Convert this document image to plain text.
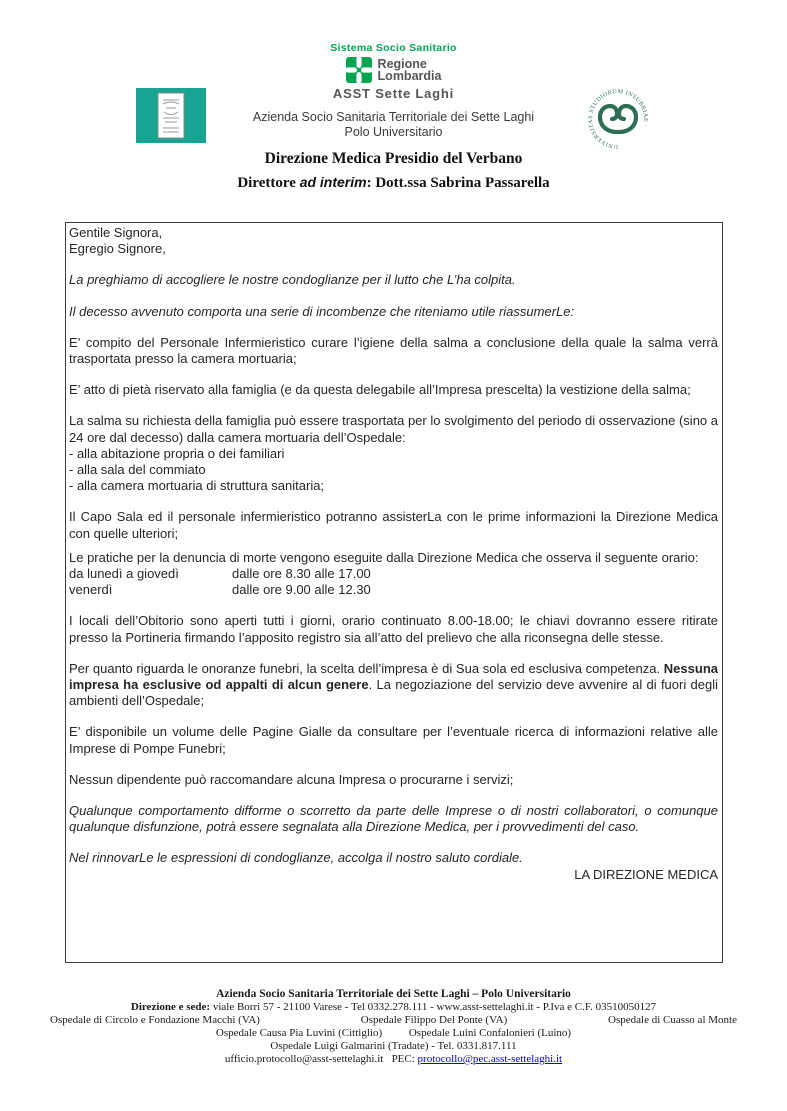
UNIVERSITAS STUDIORUM INSUBRIAE ·
Sistema Socio Sanitario
Regione
Lombardia
ASST Sette Laghi
Azienda Socio Sanitaria Territoriale dei Sette Laghi
Polo Universitario
Direzione Medica Presidio del Verbano
Direttore ad interim: Dott.ssa Sabrina Passarella

Gentile Signora,
Egregio Signore,

La preghiamo di accogliere le nostre condoglianze per il lutto che L’ha colpita.

Il decesso avvenuto comporta una serie di incombenze che riteniamo utile riassumerLe:

E’ compito del Personale Infermieristico curare l’igiene della salma a conclusione della quale la salma verrà trasportata presso la camera mortuaria;

E’ atto di pietà riservato alla famiglia (e da questa delegabile all’Impresa prescelta) la vestizione della salma;

La salma su richiesta della famiglia può essere trasportata per lo svolgimento del periodo di osservazione (sino a 24 ore dal decesso) dalla camera mortuaria dell’Ospedale:

- alla abitazione propria o dei familiari
- alla sala del commiato
- alla camera mortuaria di struttura sanitaria;

Il Capo Sala ed il personale infermieristico potranno assisterLa con le prime informazioni la Direzione Medica con quelle ulteriori;

Le pratiche per la denuncia di morte vengono eseguite dalla Direzione Medica che osserva il seguente orario:

da lunedì a giovedì	dalle ore 8.30 alle 17.00
venerdì	dalle ore 9.00 alle 12.30

I locali dell’Obitorio sono aperti tutti i giorni, orario continuato 8.00-18.00; le chiavi dovranno essere ritirate presso la Portineria firmando l’apposito registro sia all’atto del prelievo che alla riconsegna delle stesse.

Per quanto riguarda le onoranze funebri, la scelta dell’impresa è di Sua sola ed esclusiva competenza. Nessuna impresa ha esclusive od appalti di alcun genere. La negoziazione del servizio deve avvenire al di fuori degli ambienti dell’Ospedale;

E’ disponibile un volume delle Pagine Gialle da consultare per l’eventuale ricerca di informazioni relative alle Imprese di Pompe Funebri;

Nessun dipendente può raccomandare alcuna Impresa o procurarne i servizi;

Qualunque comportamento difforme o scorretto da parte delle Imprese o di nostri collaboratori, o comunque qualunque disfunzione, potrà essere segnalata alla Direzione Medica, per i provvedimenti del caso.

Nel rinnovarLe le espressioni di condoglianze, accolga il nostro saluto cordiale.

LA DIREZIONE MEDICA

Azienda Socio Sanitaria Territoriale dei Sette Laghi – Polo Universitario
Direzione e sede: viale Borri 57 - 21100 Varese - Tel 0332.278.111 - www.asst-settelaghi.it - P.Iva e C.F. 03510050127
Ospedale di Circolo e Fondazione Macchi (VA)	Ospedale Filippo Del Ponte (VA)	Ospedale di Cuasso al Monte
Ospedale Causa Pia Luvini (Cittiglio) Ospedale Luini Confalonieri (Luino)
Ospedale Luigi Galmarini (Tradate) - Tel. 0331.817.111
ufficio.protocollo@asst-settelaghi.it PEC: protocollo@pec.asst-settelaghi.it
